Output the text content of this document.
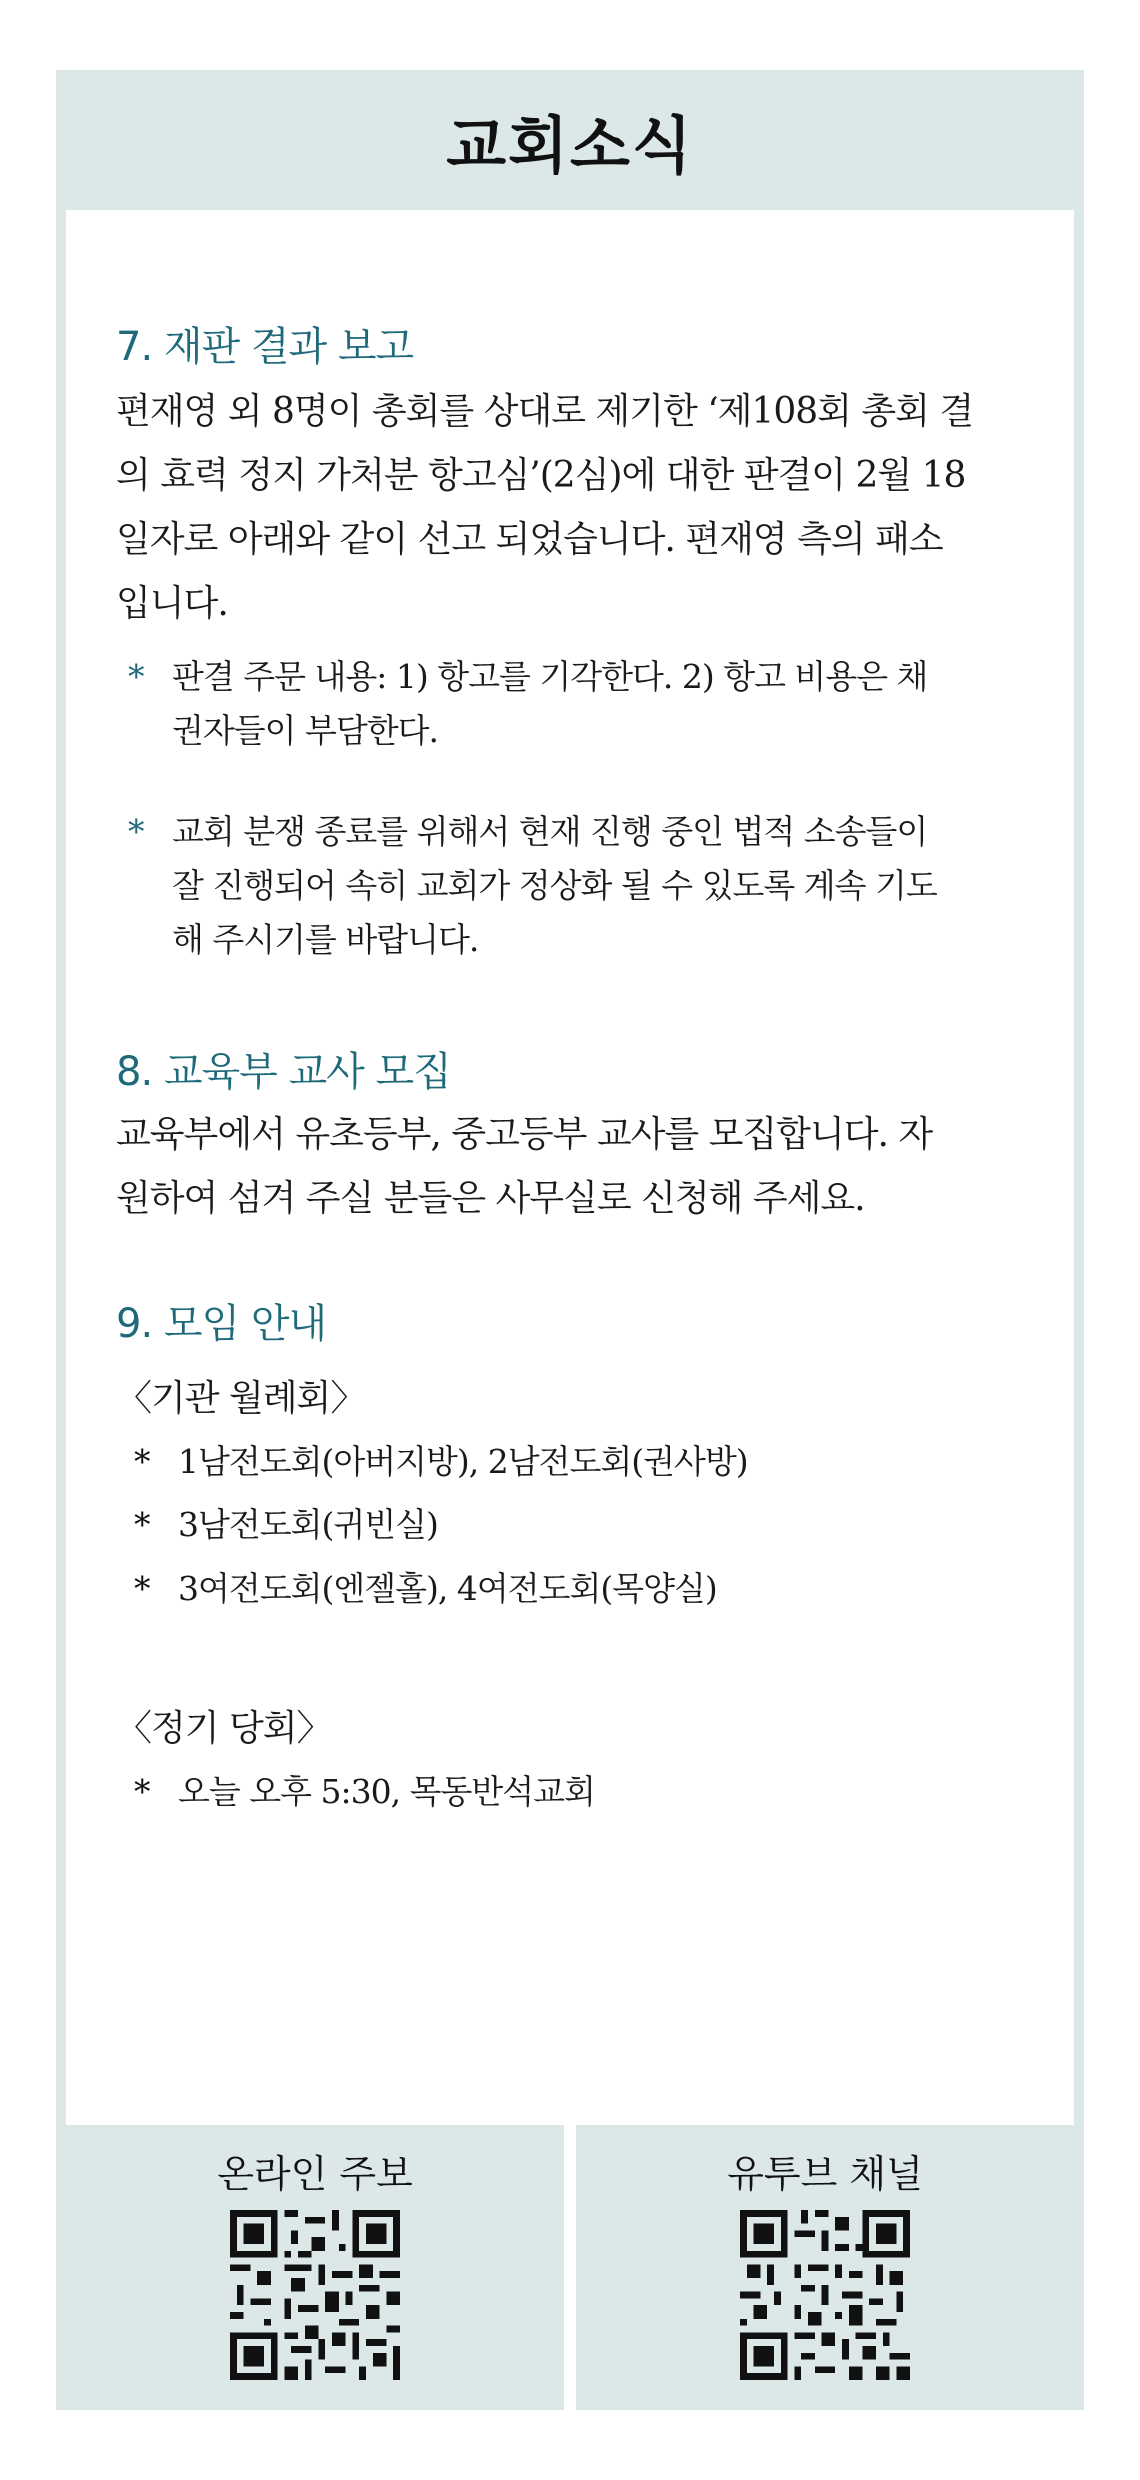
교회소식
7. 재판 결과 보고
편재영 외 8명이 총회를 상대로 제기한 ‘제108회 총회 결
의 효력 정지 가처분 항고심’(2심)에 대한 판결이 2월 18
일자로 아래와 같이 선고 되었습니다. 편재영 측의 패소
입니다.
* 판결 주문 내용: 1) 항고를 기각한다. 2) 항고 비용은 채
권자들이 부담한다.
* 교회 분쟁 종료를 위해서 현재 진행 중인 법적 소송들이
잘 진행되어 속히 교회가 정상화 될 수 있도록 계속 기도
해 주시기를 바랍니다.
8. 교육부 교사 모집
교육부에서 유초등부, 중고등부 교사를 모집합니다. 자
원하여 섬겨 주실 분들은 사무실로 신청해 주세요.
9. 모임 안내
〈기관 월례회〉
* 1남전도회(아버지방), 2남전도회(권사방)
* 3남전도회(귀빈실)
* 3여전도회(엔젤홀), 4여전도회(목양실)
〈정기 당회〉
* 오늘 오후 5:30, 목동반석교회
온라인 주보	유투브 채널
